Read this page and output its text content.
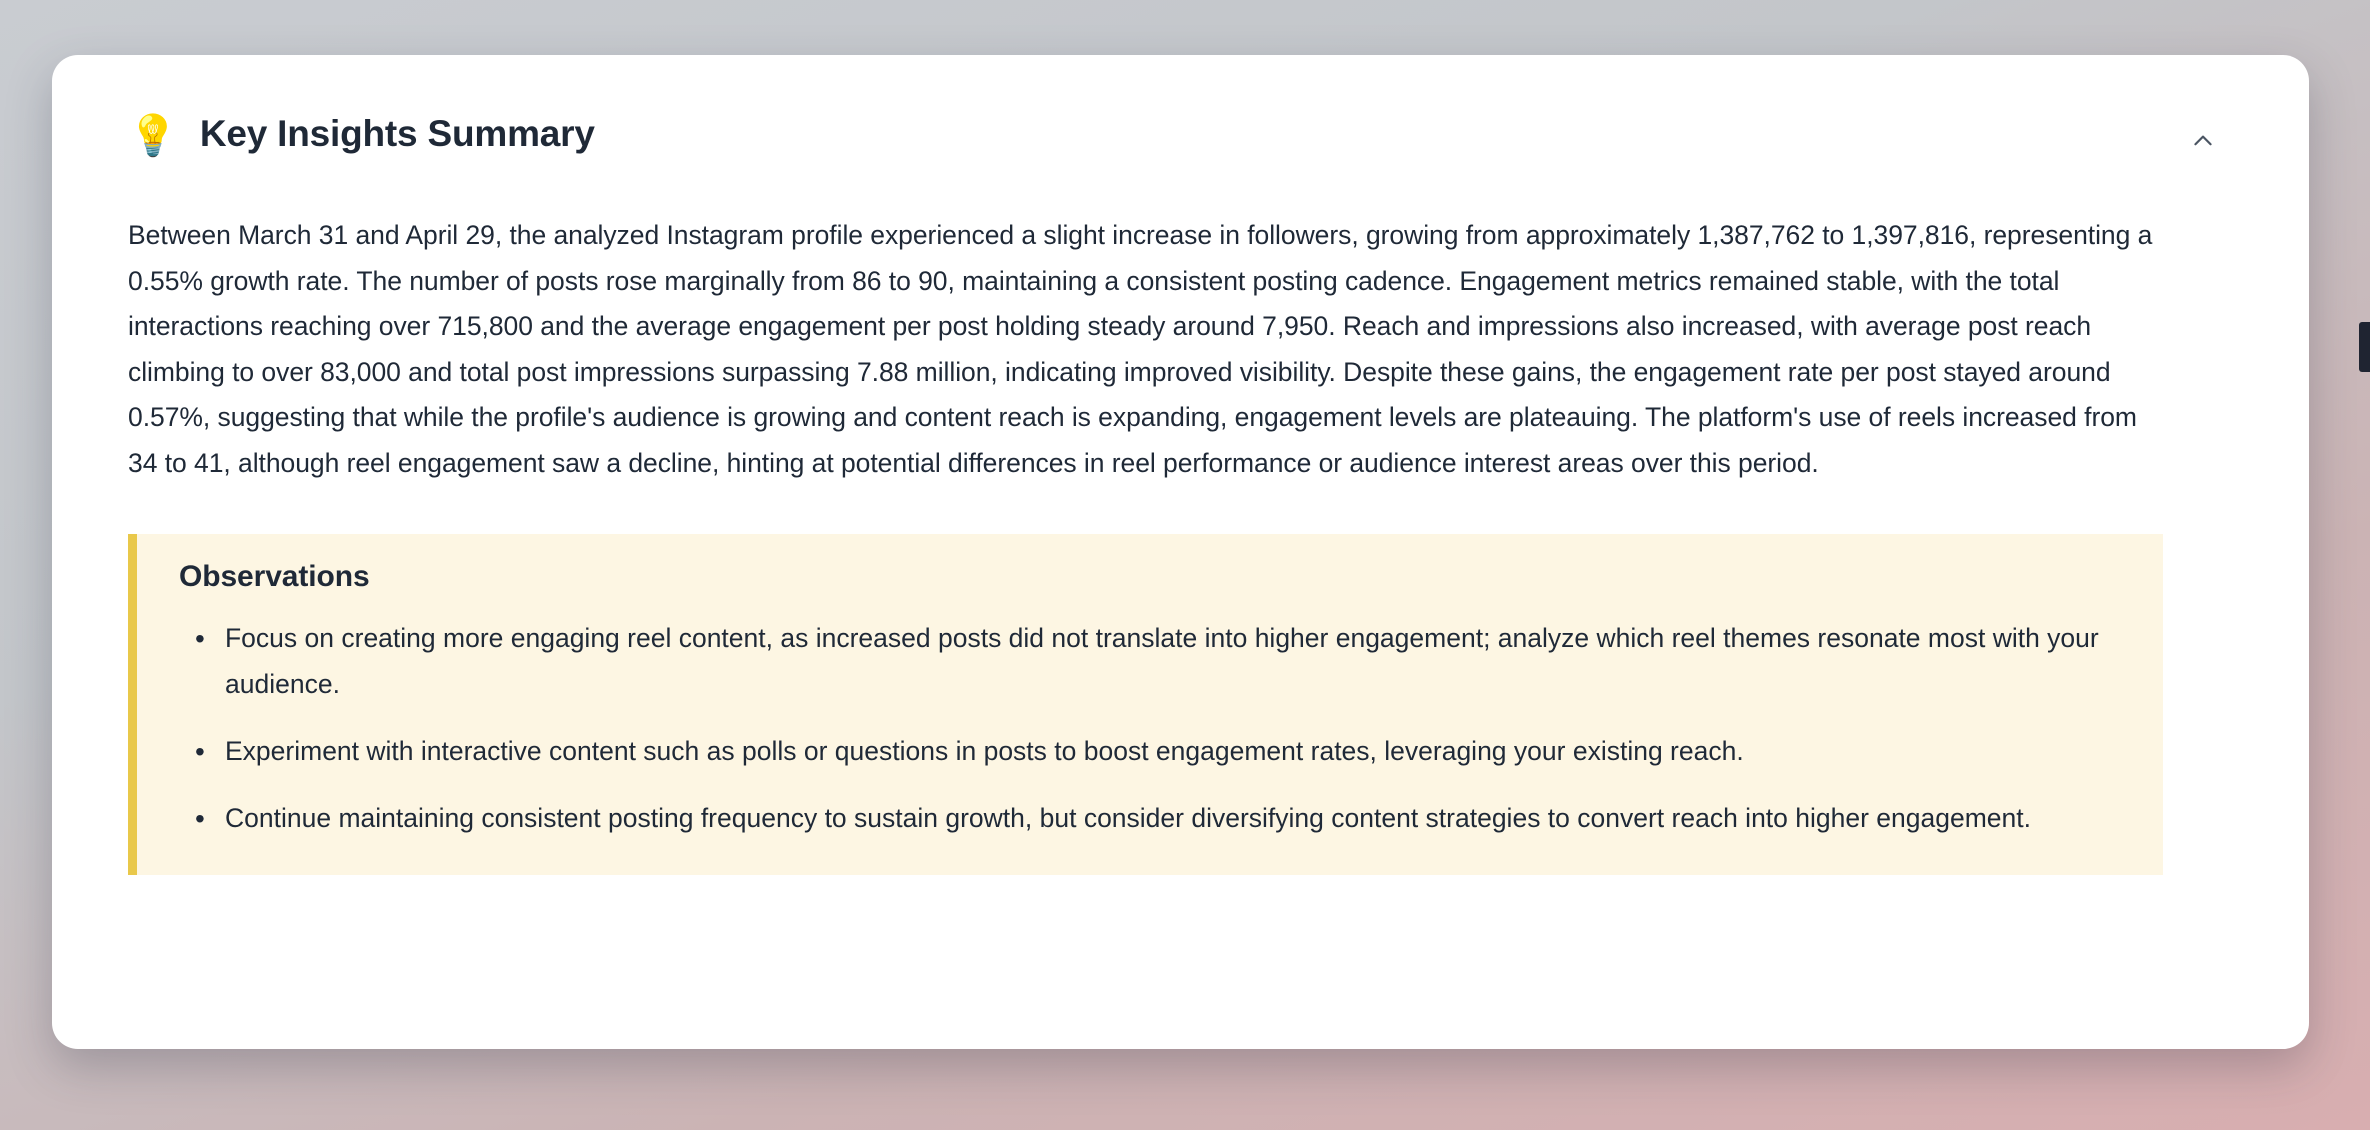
💡 Key Insights Summary
Between March 31 and April 29, the analyzed Instagram profile experienced a slight increase in followers, growing from approximately 1,387,762 to 1,397,816, representing a 0.55% growth rate. The number of posts rose marginally from 86 to 90, maintaining a consistent posting cadence. Engagement metrics remained stable, with the total interactions reaching over 715,800 and the average engagement per post holding steady around 7,950. Reach and impressions also increased, with average post reach climbing to over 83,000 and total post impressions surpassing 7.88 million, indicating improved visibility. Despite these gains, the engagement rate per post stayed around 0.57%, suggesting that while the profile's audience is growing and content reach is expanding, engagement levels are plateauing. The platform's use of reels increased from 34 to 41, although reel engagement saw a decline, hinting at potential differences in reel performance or audience interest areas over this period.
Observations
• Focus on creating more engaging reel content, as increased posts did not translate into higher engagement; analyze which reel themes resonate most with your audience.
• Experiment with interactive content such as polls or questions in posts to boost engagement rates, leveraging your existing reach.
• Continue maintaining consistent posting frequency to sustain growth, but consider diversifying content strategies to convert reach into higher engagement.
